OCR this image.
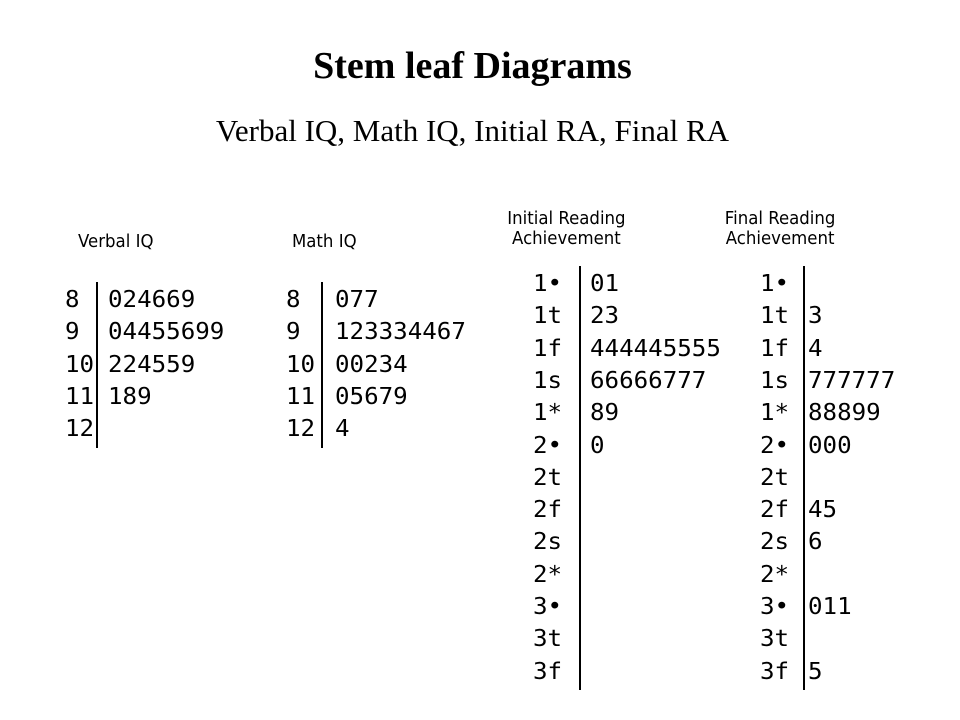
Stem leaf Diagrams
Verbal IQ, Math IQ, Initial RA, Final RA
Verbal IQ
8 024669
9 04455699
10 224559
11 189
12
Math IQ
8 077
9 123334467
10 00234
11 05679
12 4
Initial Reading
Achievement
1• 01
1t 23
1f 444445555
1s 66666777
1* 89
2• 0
2t
2f
2s
2*
3•
3t
3f
Final Reading
Achievement
1•
1t 3
1f 4
1s 777777
1* 88899
2• 000
2t
2f 45
2s 6
2*
3• 011
3t
3f 5
